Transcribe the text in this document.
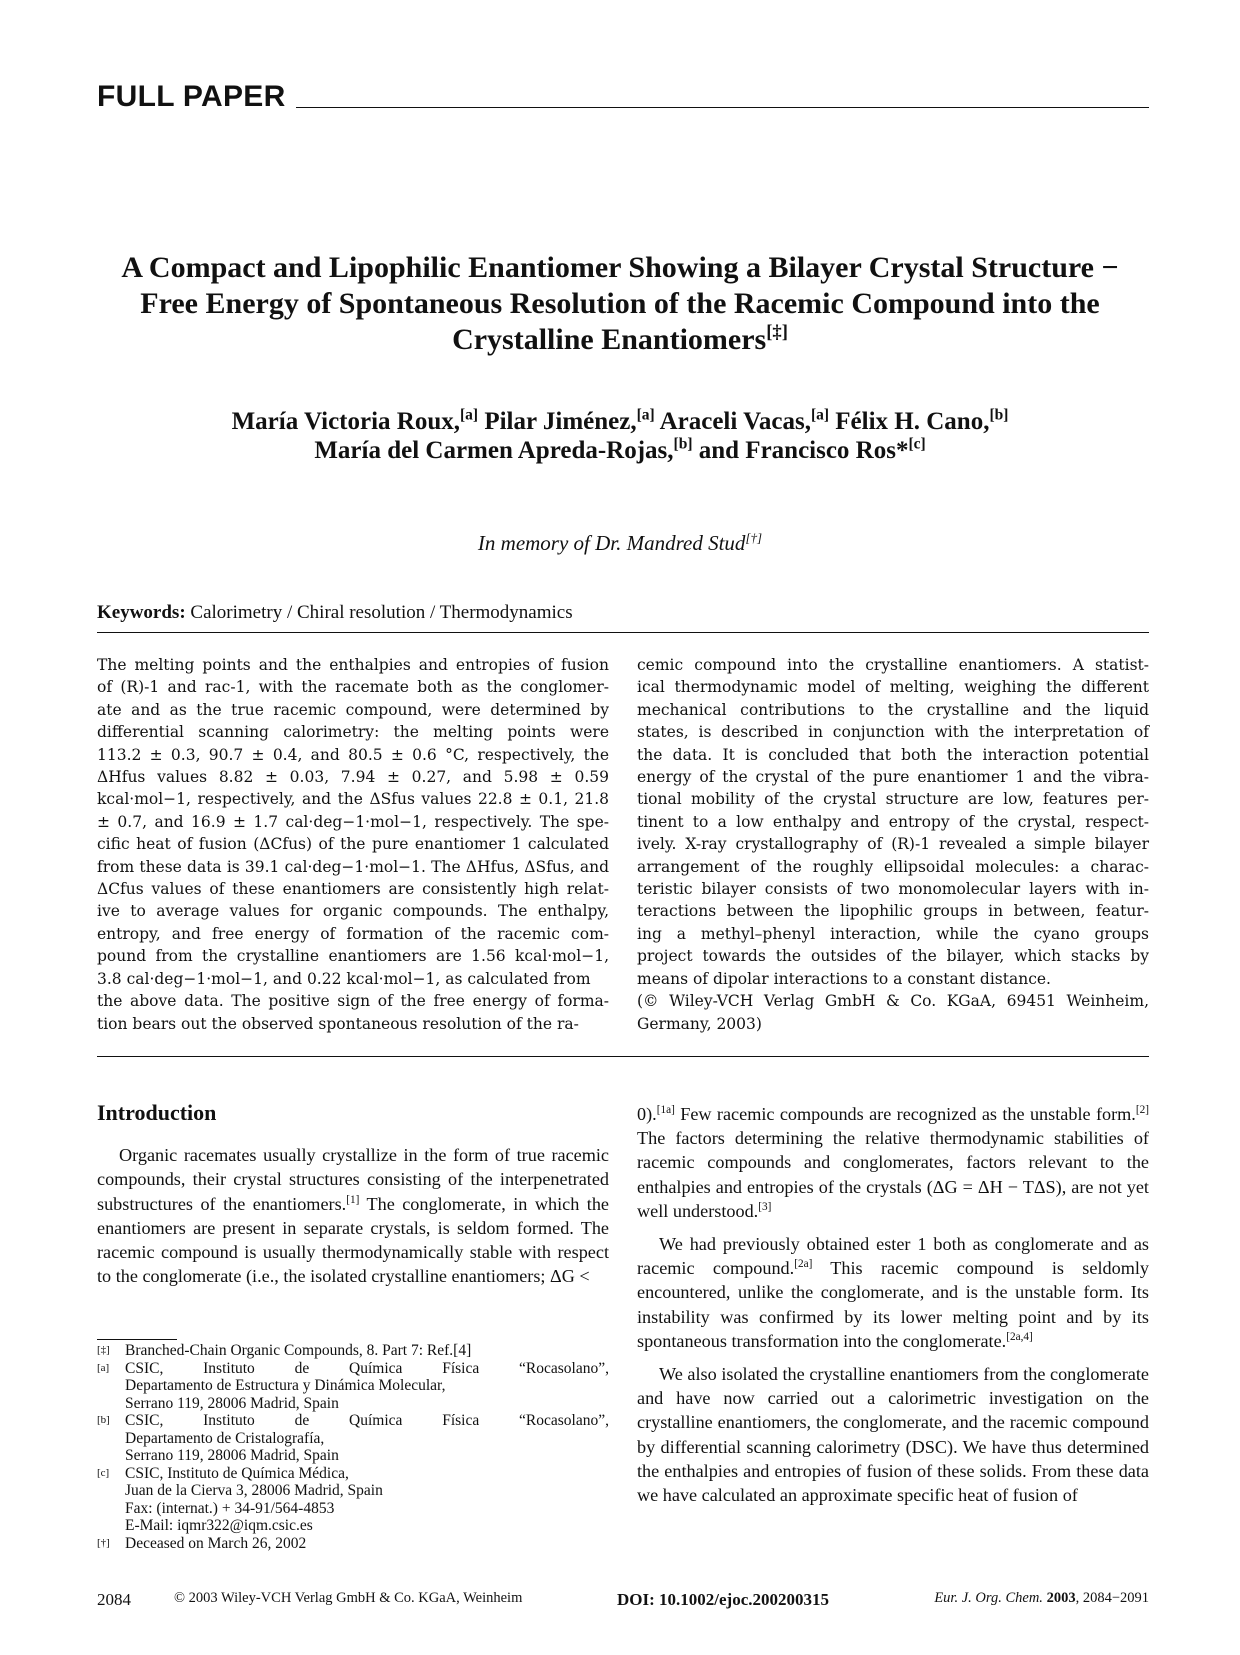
FULL PAPER
A Compact and Lipophilic Enantiomer Showing a Bilayer Crystal Structure −
Free Energy of Spontaneous Resolution of the Racemic Compound into the
Crystalline Enantiomers[‡]
María Victoria Roux,[a] Pilar Jiménez,[a] Araceli Vacas,[a] Félix H. Cano,[b]
María del Carmen Apreda-Rojas,[b] and Francisco Ros*[c]
In memory of Dr. Mandred Stud[†]
Keywords: Calorimetry / Chiral resolution / Thermodynamics

The melting points and the enthalpies and entropies of fusion

of (R)-1 and rac-1, with the racemate both as the conglomer-

ate and as the true racemic compound, were determined by

differential scanning calorimetry: the melting points were

113.2 ± 0.3, 90.7 ± 0.4, and 80.5 ± 0.6 °C, respectively, the

ΔHfus values 8.82 ± 0.03, 7.94 ± 0.27, and 5.98 ± 0.59

kcal·mol−1, respectively, and the ΔSfus values 22.8 ± 0.1, 21.8

± 0.7, and 16.9 ± 1.7 cal·deg−1·mol−1, respectively. The spe-

cific heat of fusion (ΔCfus) of the pure enantiomer 1 calculated

from these data is 39.1 cal·deg−1·mol−1. The ΔHfus, ΔSfus, and

ΔCfus values of these enantiomers are consistently high relat-

ive to average values for organic compounds. The enthalpy,

entropy, and free energy of formation of the racemic com-

pound from the crystalline enantiomers are 1.56 kcal·mol−1,

3.8 cal·deg−1·mol−1, and 0.22 kcal·mol−1, as calculated from

the above data. The positive sign of the free energy of forma-

tion bears out the observed spontaneous resolution of the ra-

cemic compound into the crystalline enantiomers. A statist-

ical thermodynamic model of melting, weighing the different

mechanical contributions to the crystalline and the liquid

states, is described in conjunction with the interpretation of

the data. It is concluded that both the interaction potential

energy of the crystal of the pure enantiomer 1 and the vibra-

tional mobility of the crystal structure are low, features per-

tinent to a low enthalpy and entropy of the crystal, respect-

ively. X-ray crystallography of (R)-1 revealed a simple bilayer

arrangement of the roughly ellipsoidal molecules: a charac-

teristic bilayer consists of two monomolecular layers with in-

teractions between the lipophilic groups in between, featur-

ing a methyl–phenyl interaction, while the cyano groups

project towards the outsides of the bilayer, which stacks by

means of dipolar interactions to a constant distance.

(© Wiley-VCH Verlag GmbH & Co. KGaA, 69451 Weinheim,

Germany, 2003)

Introduction

Organic racemates usually crystallize in the form of true racemic compounds, their crystal structures consisting of the interpenetrated substructures of the enantiomers.[1] The conglomerate, in which the enantiomers are present in separate crystals, is seldom formed. The racemic compound is usually thermodynamically stable with respect to the conglomerate (i.e., the isolated crystalline enantiomers; ΔG <

0).[1a] Few racemic compounds are recognized as the unstable form.[2] The factors determining the relative thermodynamic stabilities of racemic compounds and conglomerates, factors relevant to the enthalpies and entropies of the crystals (ΔG = ΔH − TΔS), are not yet well understood.[3]

We had previously obtained ester 1 both as conglomerate and as racemic compound.[2a] This racemic compound is seldomly encountered, unlike the conglomerate, and is the unstable form. Its instability was confirmed by its lower melting point and by its spontaneous transformation into the conglomerate.[2a,4]

We also isolated the crystalline enantiomers from the conglomerate and have now carried out a calorimetric investigation on the crystalline enantiomers, the conglomerate, and the racemic compound by differential scanning calorimetry (DSC). We have thus determined the enthalpies and entropies of fusion of these solids. From these data we have calculated an approximate specific heat of fusion of

[‡] Branched-Chain Organic Compounds, 8. Part 7: Ref.[4]
[a]	CSIC, Instituto de Química Física “Rocasolano”,
Departamento de Estructura y Dinámica Molecular,
Serrano 119, 28006 Madrid, Spain
[b] CSIC, Instituto de Química Física “Rocasolano”,
Departamento de Cristalografía,
Serrano 119, 28006 Madrid, Spain
[c]	CSIC, Instituto de Química Médica,
Juan de la Cierva 3, 28006 Madrid, Spain
Fax: (internat.) + 34-91/564-4853
E-Mail: iqmr322@iqm.csic.es
[†] Deceased on March 26, 2002
2084	© 2003 Wiley-VCH Verlag GmbH & Co. KGaA, Weinheim	DOI: 10.1002/ejoc.200200315	Eur. J. Org. Chem. 2003, 2084−2091
